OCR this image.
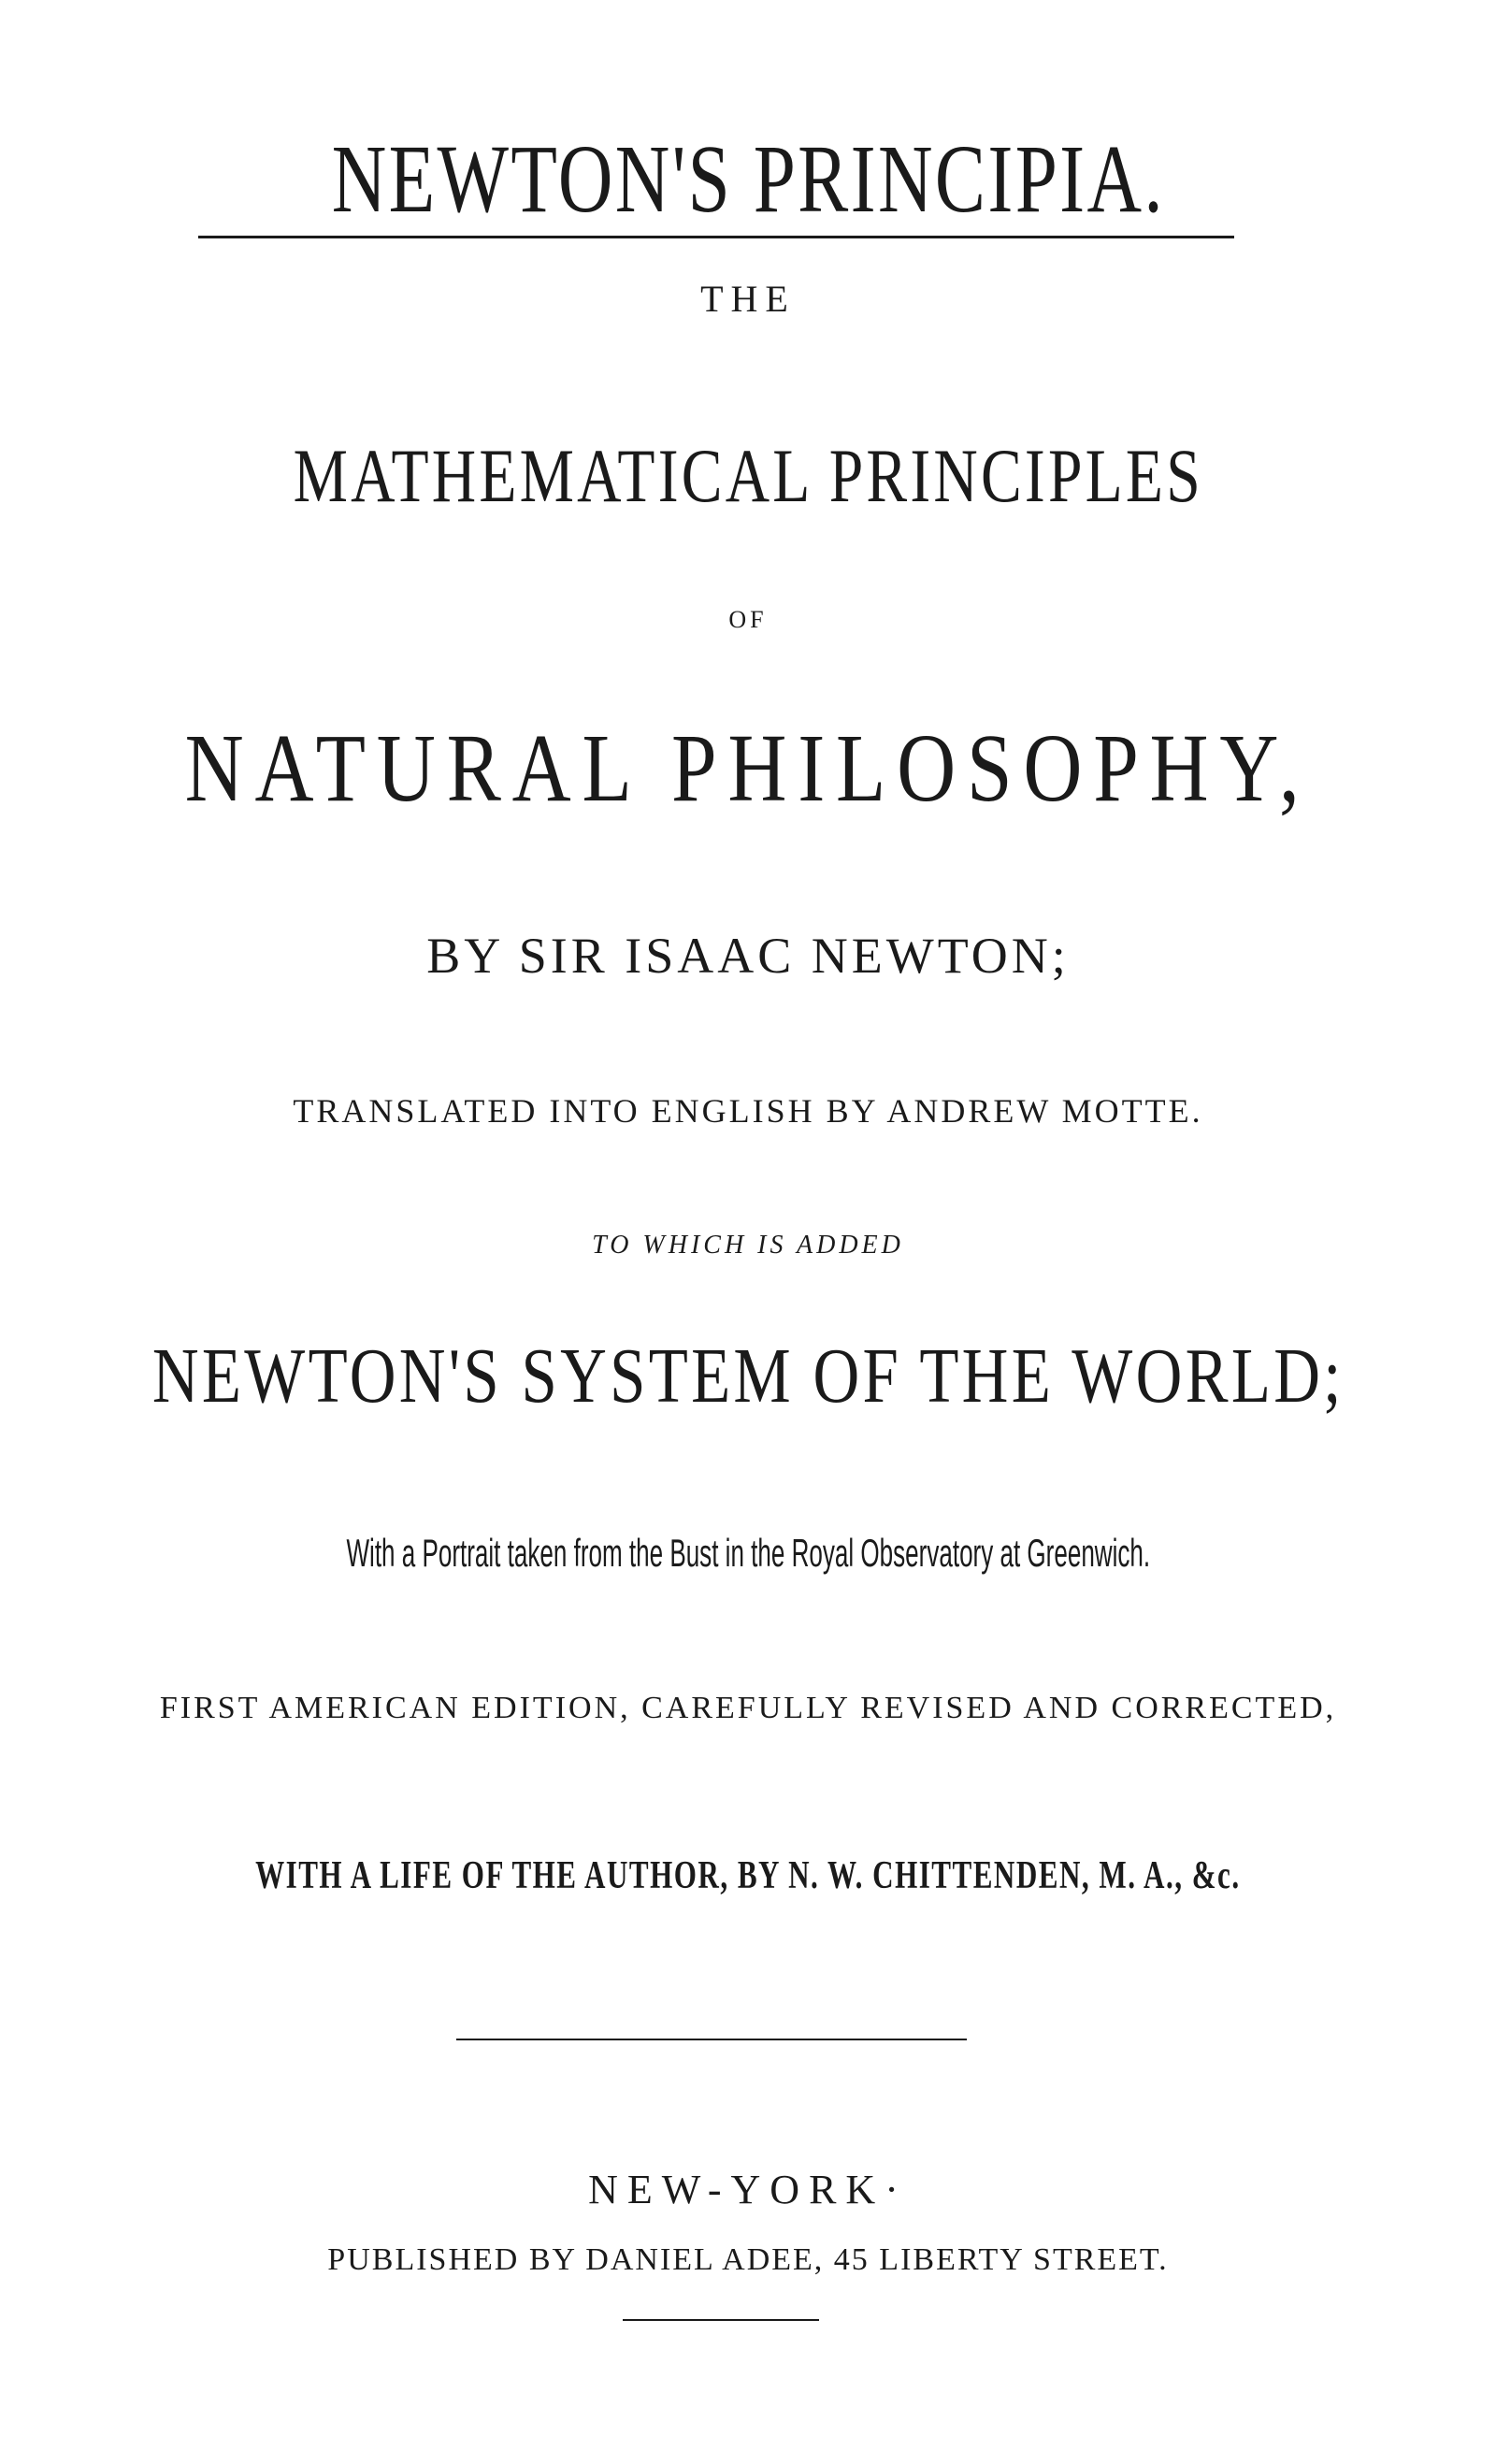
NEWTON'S PRINCIPIA.
THE
MATHEMATICAL PRINCIPLES
OF
NATURAL PHILOSOPHY,
BY SIR ISAAC NEWTON;
TRANSLATED INTO ENGLISH BY ANDREW MOTTE.
TO WHICH IS ADDED
NEWTON'S SYSTEM OF THE WORLD;
With a Portrait taken from the Bust in the Royal Observatory at Greenwich.
FIRST AMERICAN EDITION, CAREFULLY REVISED AND CORRECTED,
WITH A LIFE OF THE AUTHOR, BY N. W. CHITTENDEN, M. A., &c.
NEW-YORK·
PUBLISHED BY DANIEL ADEE, 45 LIBERTY STREET.
